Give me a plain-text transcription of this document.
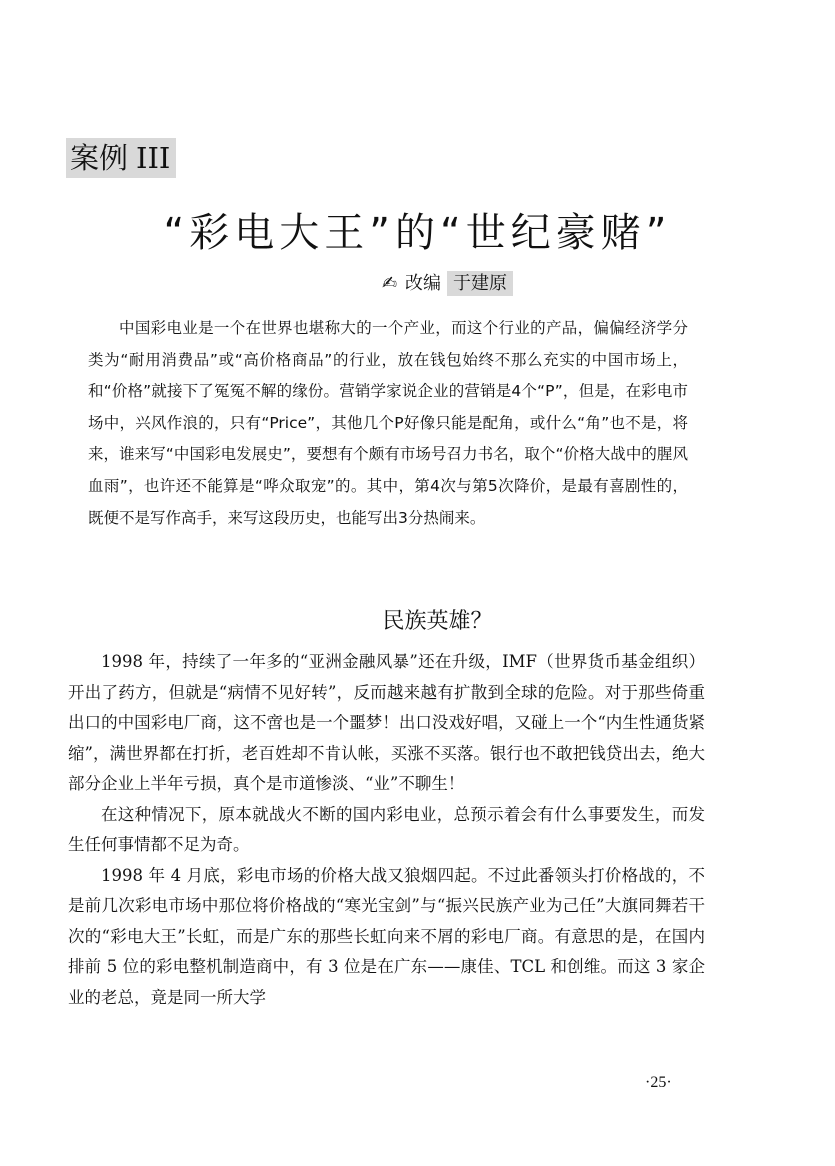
案例 III
“彩电大王”的“世纪豪赌”
✍ 改编 于建原

中国彩电业是一个在世界也堪称大的一个产业，而这个行业的产品，偏偏经济学分类为“耐用消费品”或“高价格商品”的行业，放在钱包始终不那么充实的中国市场上，和“价格”就接下了冤冤不解的缘份。营销学家说企业的营销是4个“P”，但是，在彩电市场中，兴风作浪的，只有“Price”，其他几个P好像只能是配角，或什么“角”也不是，将来，谁来写“中国彩电发展史”，要想有个颇有市场号召力书名，取个“价格大战中的腥风血雨”，也许还不能算是“哗众取宠”的。其中，第4次与第5次降价，是最有喜剧性的，既便不是写作高手，来写这段历史，也能写出3分热闹来。

民族英雄？

1998 年，持续了一年多的“亚洲金融风暴”还在升级，IMF（世界货币基金组织）开出了药方，但就是“病情不见好转”，反而越来越有扩散到全球的危险。对于那些倚重出口的中国彩电厂商，这不啻也是一个噩梦！出口没戏好唱，又碰上一个“内生性通货紧缩”，满世界都在打折，老百姓却不肯认帐，买涨不买落。银行也不敢把钱贷出去，绝大部分企业上半年亏损，真个是市道惨淡、“业”不聊生！

在这种情况下，原本就战火不断的国内彩电业，总预示着会有什么事要发生，而发生任何事情都不足为奇。

1998 年 4 月底，彩电市场的价格大战又狼烟四起。不过此番领头打价格战的，不是前几次彩电市场中那位将价格战的“寒光宝剑”与“振兴民族产业为己任”大旗同舞若干次的“彩电大王”长虹，而是广东的那些长虹向来不屑的彩电厂商。有意思的是，在国内排前 5 位的彩电整机制造商中，有 3 位是在广东——康佳、TCL 和创维。而这 3 家企业的老总，竟是同一所大学

·25·
